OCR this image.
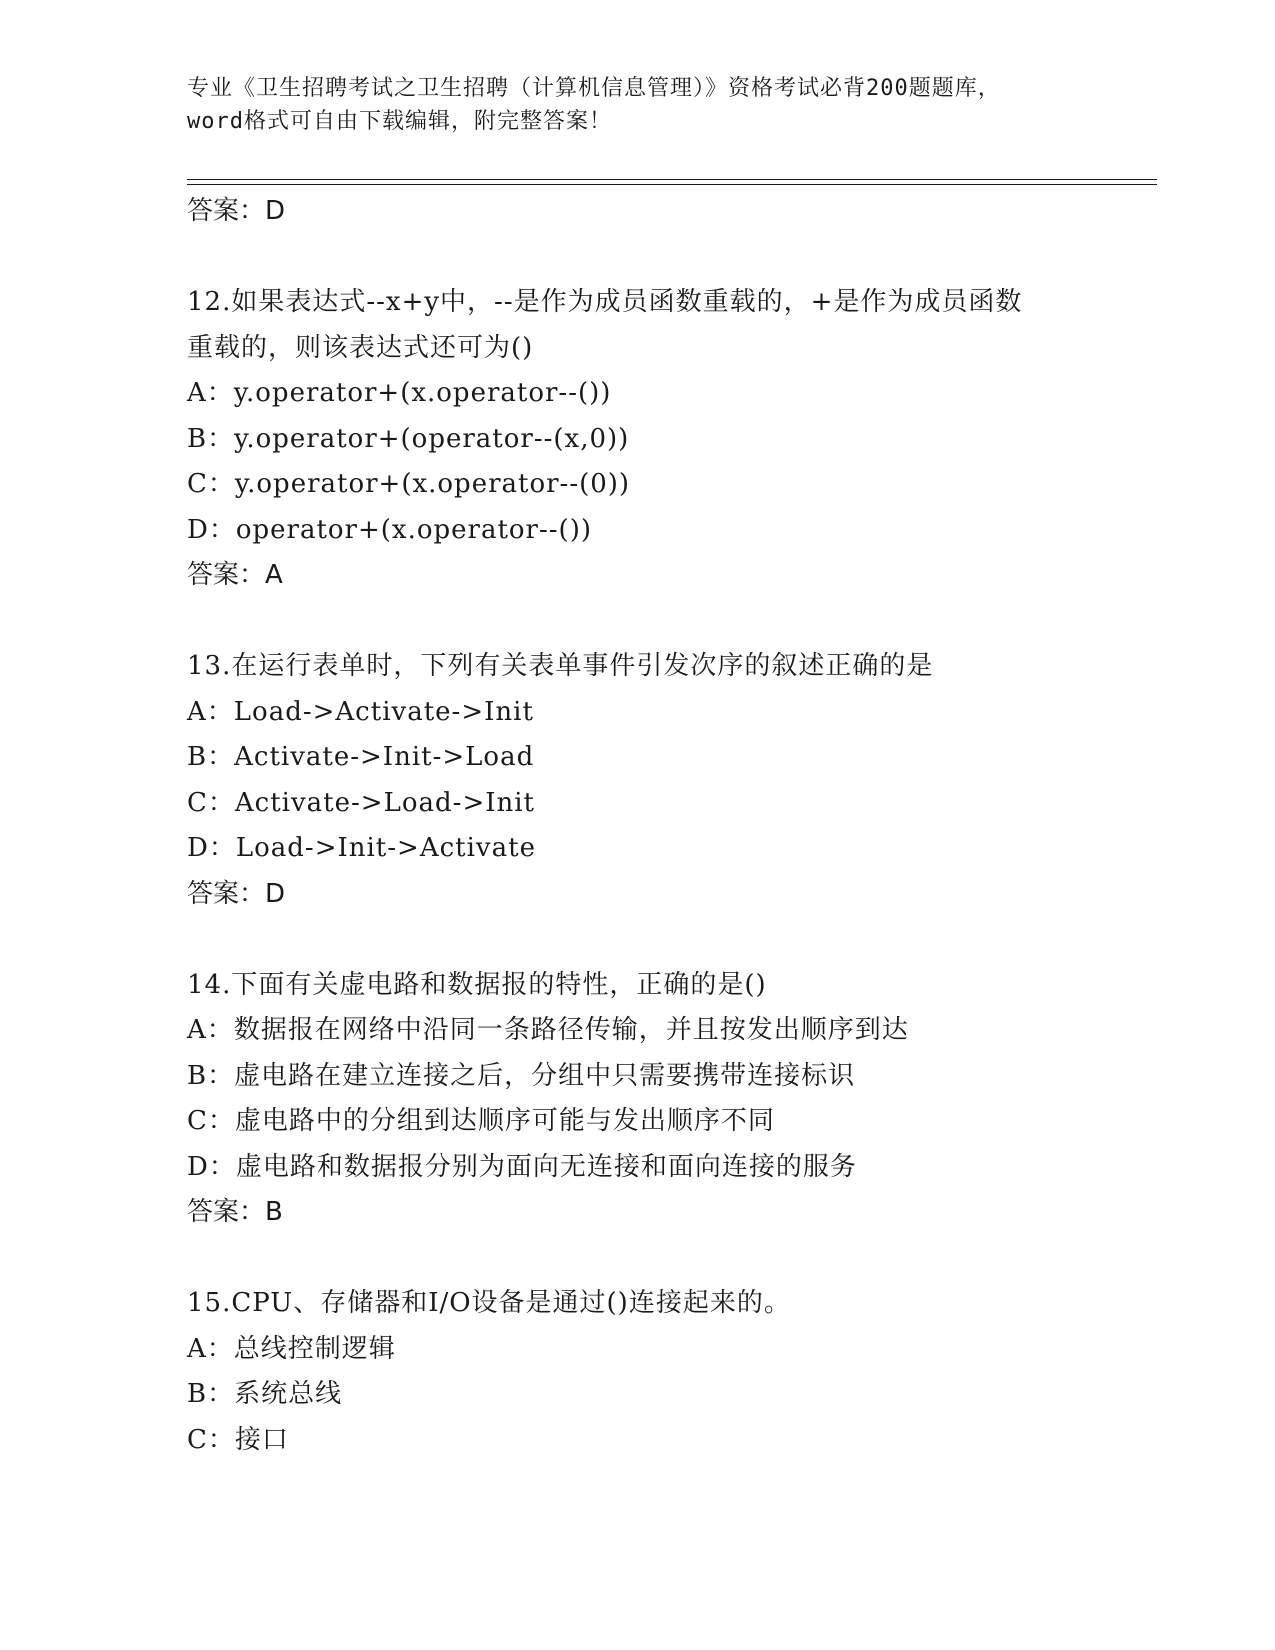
专业《卫生招聘考试之卫生招聘（计算机信息管理）》资格考试必背200题题库，
word格式可自由下载编辑，附完整答案！
答案：D
12.如果表达式--x+y中，--是作为成员函数重载的，+是作为成员函数
重载的，则该表达式还可为()
A：y.operator+(x.operator--())
B：y.operator+(operator--(x,0))
C：y.operator+(x.operator--(0))
D：operator+(x.operator--())
答案：A
13.在运行表单时，下列有关表单事件引发次序的叙述正确的是
A：Load->Activate->Init
B：Activate->Init->Load
C：Activate->Load->Init
D：Load->Init->Activate
答案：D
14.下面有关虚电路和数据报的特性，正确的是()
A：数据报在网络中沿同一条路径传输，并且按发出顺序到达
B：虚电路在建立连接之后，分组中只需要携带连接标识
C：虚电路中的分组到达顺序可能与发出顺序不同
D：虚电路和数据报分别为面向无连接和面向连接的服务
答案：B
15.CPU、存储器和I/O设备是通过()连接起来的。
A：总线控制逻辑
B：系统总线
C：接口
